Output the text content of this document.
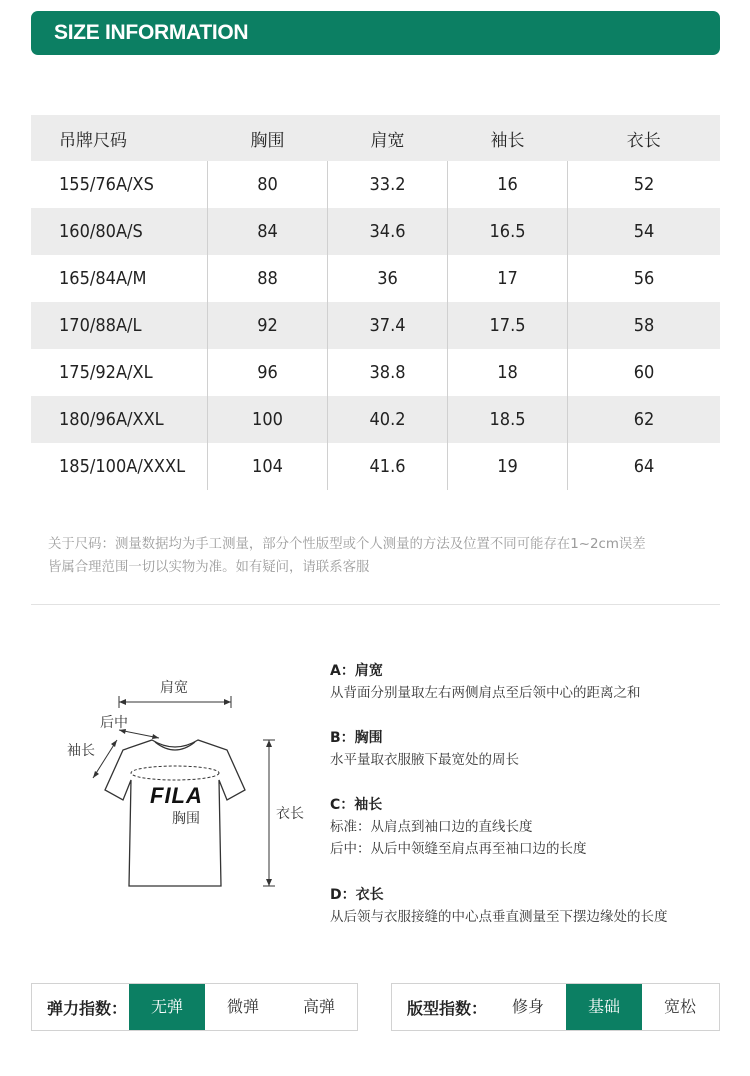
SIZE INFORMATION
吊牌尺码	胸围	肩宽	袖长	衣长
155/76A/XS	80	33.2	16	52
160/80A/S	84	34.6	16.5	54
165/84A/M	88	36	17	56
170/88A/L	92	37.4	17.5	58
175/92A/XL	96	38.8	18	60
180/96A/XXL	100	40.2	18.5	62
185/100A/XXXL	104	41.6	19	64
关于尺码：测量数据均为手工测量，部分个性版型或个人测量的方法及位置不同可能存在1~2cm误差
皆属合理范围一切以实物为准。如有疑问，请联系客服
肩宽
后中
袖长
FILA
胸围	衣长
A：肩宽
从背面分别量取左右两侧肩点至后领中心的距离之和
B：胸围
水平量取衣服腋下最宽处的周长
C：袖长
标准：从肩点到袖口边的直线长度
后中：从后中领缝至肩点再至袖口边的长度
D：衣长
从后领与衣服接缝的中心点垂直测量至下摆边缘处的长度
弹力指数：	无弹	微弹	高弹	版型指数：	修身	基础	宽松
